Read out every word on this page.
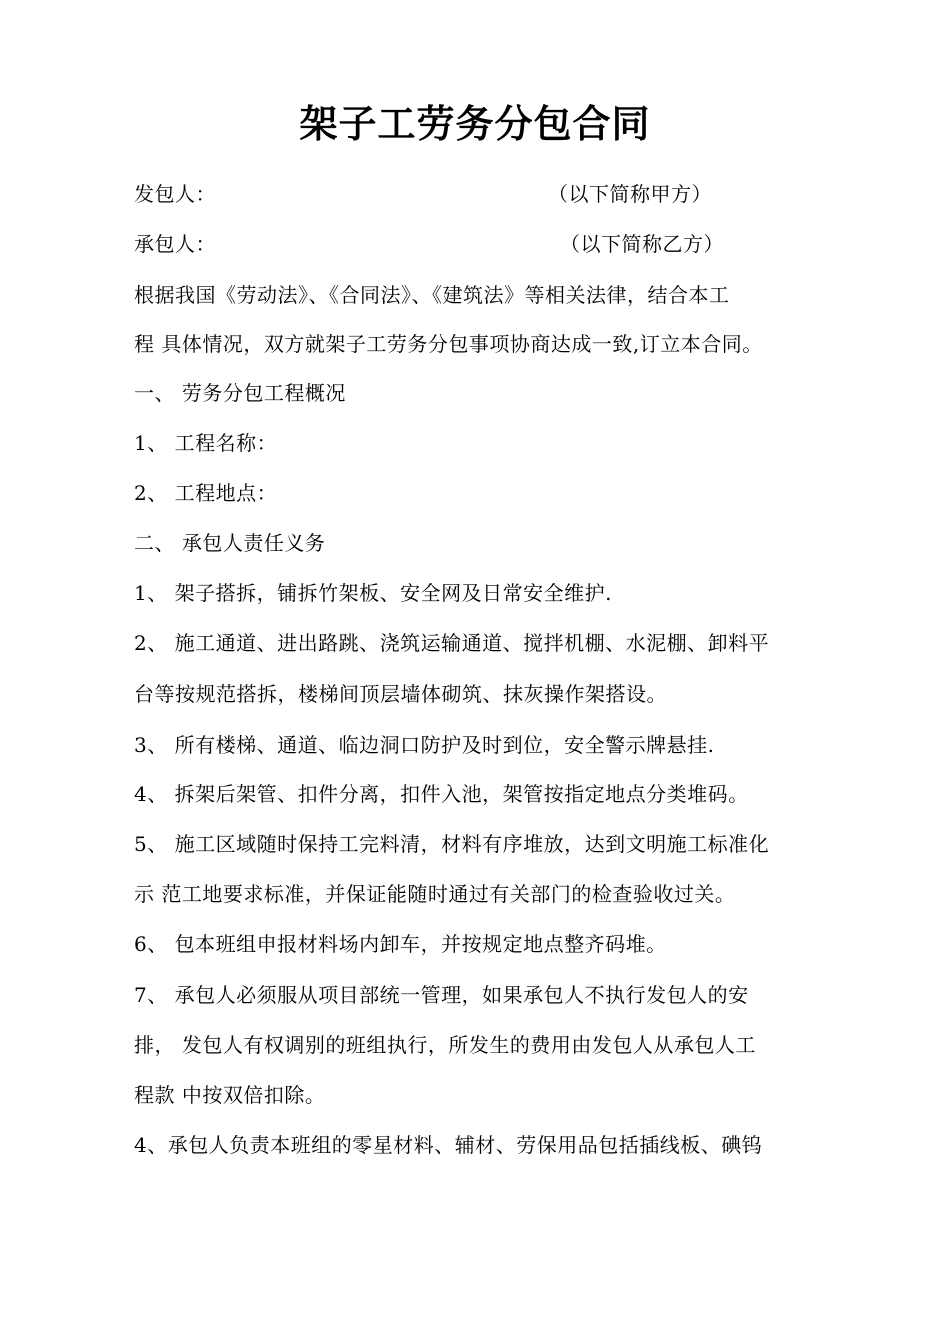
架子工劳务分包合同
发包人：	（以下简称甲方）
承包人：	（以下简称乙方）
根据我国《劳动法》、《合同法》、《建筑法》等相关法律，结合本工
程 具体情况，双方就架子工劳务分包事项协商达成一致,订立本合同。
一、 劳务分包工程概况
1、 工程名称：
2、 工程地点：
二、 承包人责任义务
1、 架子搭拆，铺拆竹架板、安全网及日常安全维护.
2、 施工通道、进出路跳、浇筑运输通道、搅拌机棚、水泥棚、卸料平
台等按规范搭拆，楼梯间顶层墙体砌筑、抹灰操作架搭设。
3、 所有楼梯、通道、临边洞口防护及时到位，安全警示牌悬挂.
4、 拆架后架管、扣件分离，扣件入池，架管按指定地点分类堆码。
5、 施工区域随时保持工完料清，材料有序堆放，达到文明施工标准化
示 范工地要求标准，并保证能随时通过有关部门的检查验收过关。
6、 包本班组申报材料场内卸车，并按规定地点整齐码堆。
7、 承包人必须服从项目部统一管理，如果承包人不执行发包人的安
排， 发包人有权调别的班组执行，所发生的费用由发包人从承包人工
程款 中按双倍扣除。
4、承包人负责本班组的零星材料、辅材、劳保用品包括插线板、碘钨
